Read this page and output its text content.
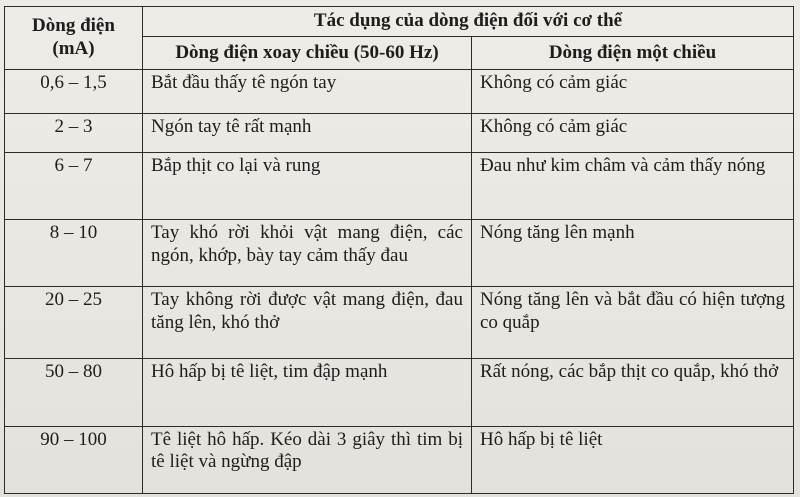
Dòng điện
(mA)	Tác dụng của dòng điện đối với cơ thể	
	Dòng điện xoay chiều (50-60 Hz)	Dòng điện một chiều
0,6 – 1,5	Bắt đầu thấy tê ngón tay	Không có cảm giác
2 – 3	Ngón tay tê rất mạnh	Không có cảm giác
6 – 7	Bắp thịt co lại và rung	Đau như kim châm và cảm thấy nóng
8 – 10	Tay khó rời khỏi vật mang điện, các ngón, khớp, bày tay cảm thấy đau	Nóng tăng lên mạnh
20 – 25	Tay không rời được vật mang điện, đau tăng lên, khó thở	Nóng tăng lên và bắt đầu có hiện tượng co quắp
50 – 80	Hô hấp bị tê liệt, tim đập mạnh	Rất nóng, các bắp thịt co quắp, khó thở
90 – 100	Tê liệt hô hấp. Kéo dài 3 giây thì tim bị tê liệt và ngừng đập	Hô hấp bị tê liệt
